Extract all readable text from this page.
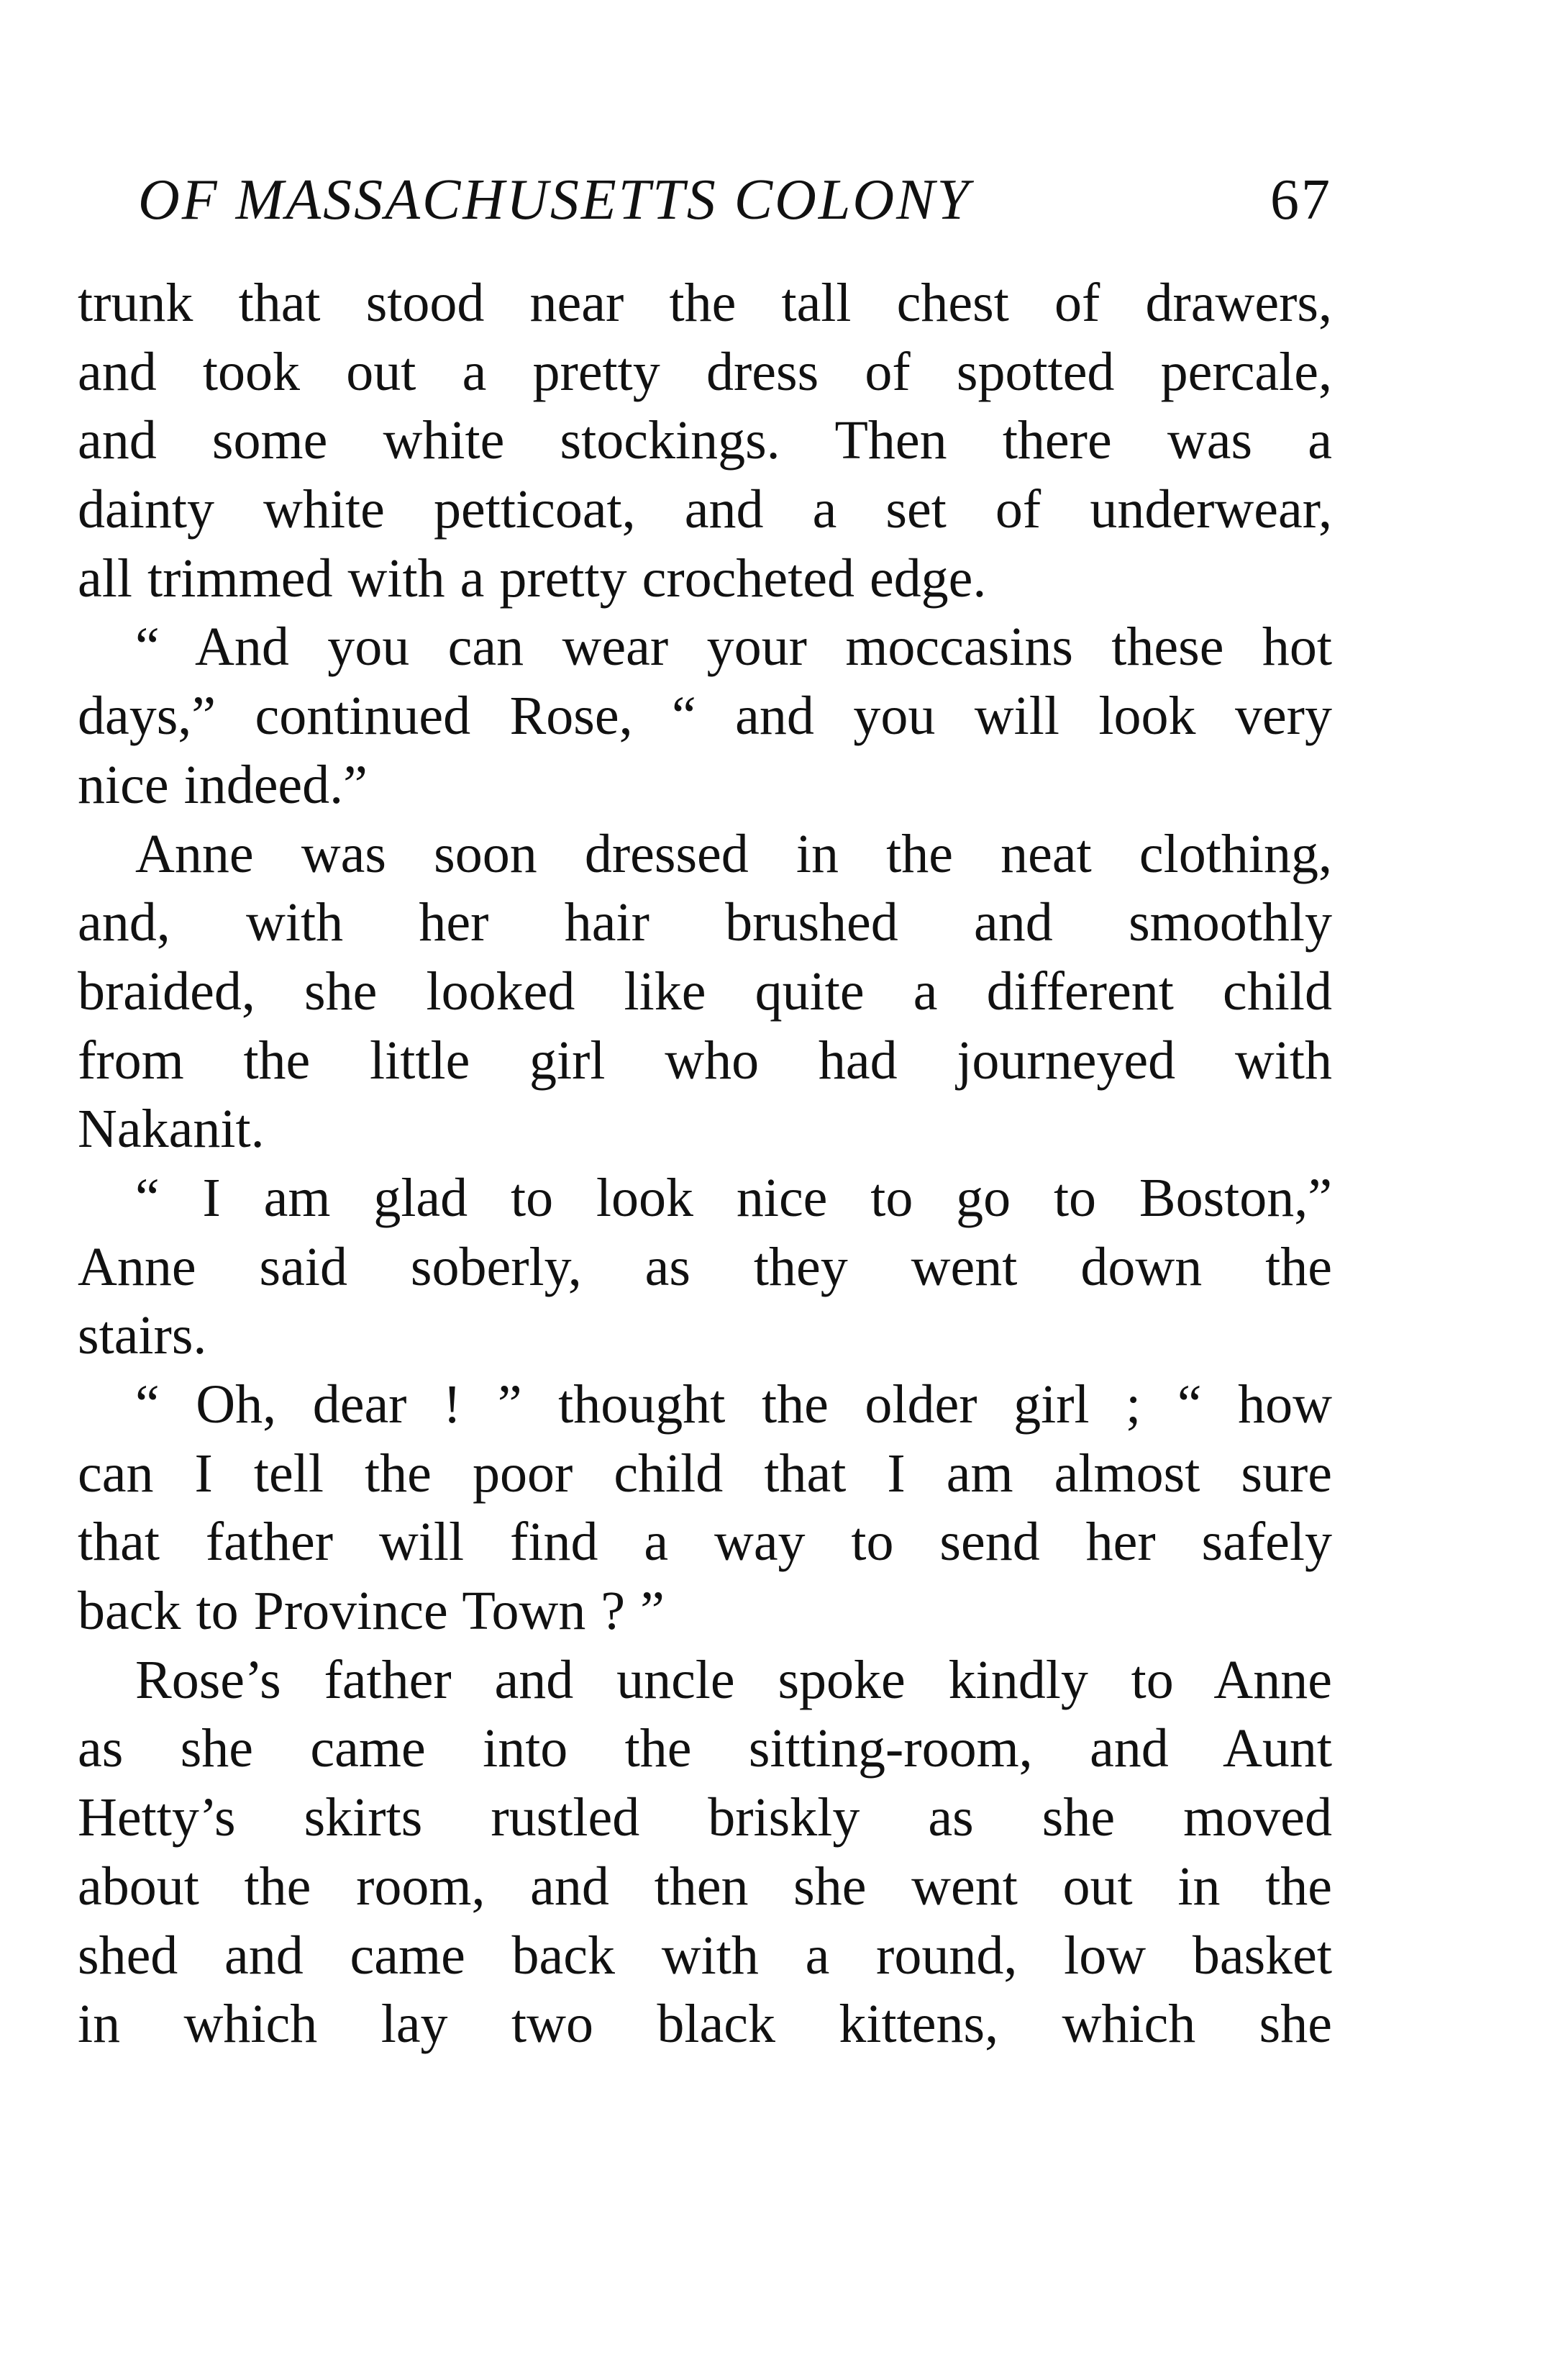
OF MASSACHUSETTS COLONY	67
trunk that stood near the tall chest of drawers,
and took out a pretty dress of spotted percale,
and some white stockings. Then there was a
dainty white petticoat, and a set of underwear,
all trimmed with a pretty crocheted edge.
“ And you can wear your moccasins these hot
days,” continued Rose, “ and you will look very
nice indeed.”
Anne was soon dressed in the neat clothing,
and, with her hair brushed and smoothly
braided, she looked like quite a different child
from the little girl who had journeyed with
Nakanit.
“ I am glad to look nice to go to Boston,”
Anne said soberly, as they went down the
stairs.
“ Oh, dear ! ” thought the older girl ; “ how
can I tell the poor child that I am almost sure
that father will find a way to send her safely
back to Province Town ? ”
Rose’s father and uncle spoke kindly to Anne
as she came into the sitting-room, and Aunt
Hetty’s skirts rustled briskly as she moved
about the room, and then she went out in the
shed and came back with a round, low basket
in which lay two black kittens, which she
